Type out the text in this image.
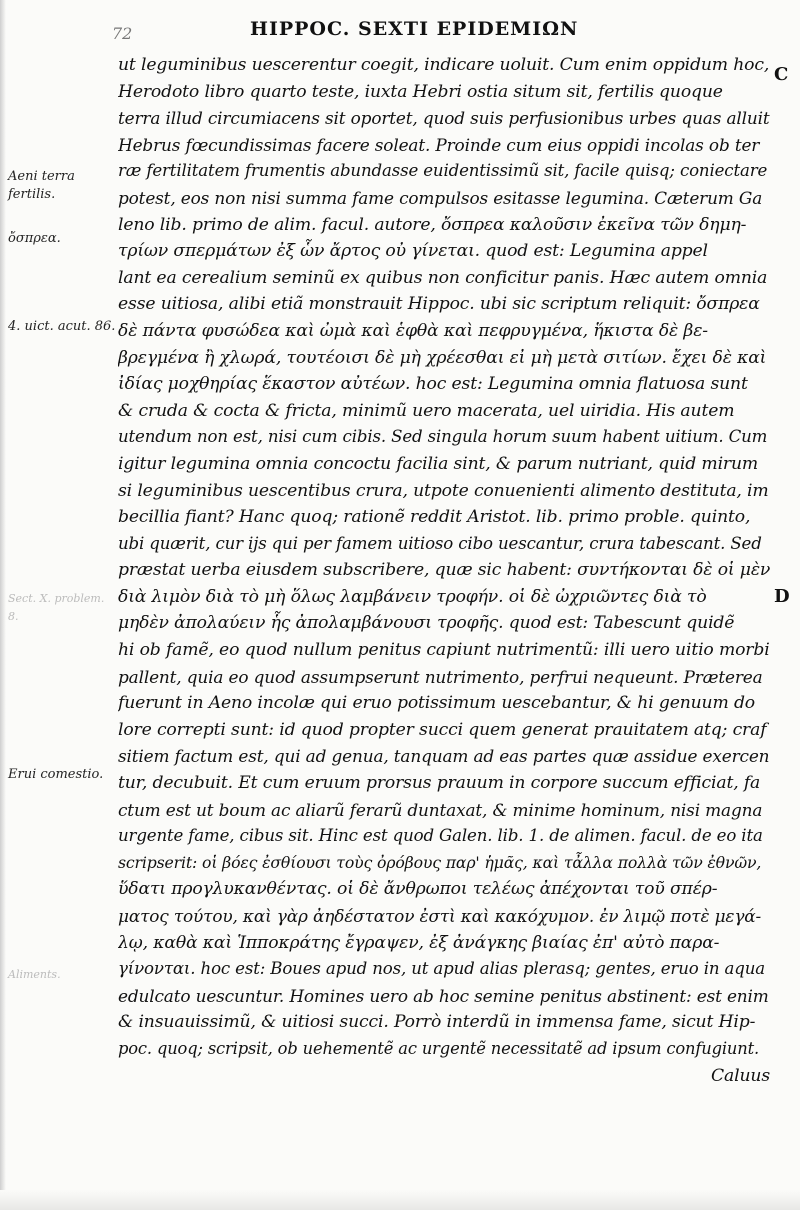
72	HIPPOC. SEXTI EPIDEMIΩN
ut leguminibus uescerentur coegit, indicare uoluit. Cum enim oppidum hoc,
Herodoto libro quarto teste, iuxta Hebri ostia situm sit, fertilis quoque
terra illud circumiacens sit oportet, quod suis perfusionibus urbes quas alluit
Hebrus fœcundissimas facere soleat. Proinde cum eius oppidi incolas ob ter
ræ fertilitatem frumentis abundasse euidentissimũ sit, facile quisq; coniectare
potest, eos non nisi summa fame compulsos esitasse legumina. Cæterum Ga
leno lib. primo de alim. facul. autore, ὄσπρεα καλοῦσιν ἐκεῖνα τῶν δημη-
τρίων σπερμάτων ἐξ ὧν ἄρτος οὐ γίνεται. quod est: Legumina appel
lant ea cerealium seminũ ex quibus non conficitur panis. Hæc autem omnia
esse uitiosa, alibi etiã monstrauit Hippoc. ubi sic scriptum reliquit: ὄσπρεα
δὲ πάντα φυσώδεα καὶ ὠμὰ καὶ ἑφθὰ καὶ πεφρυγμένα, ἥκιστα δὲ βε-
βρεγμένα ἢ χλωρά, τουτέοισι δὲ μὴ χρέεσθαι εἰ μὴ μετὰ σιτίων. ἔχει δὲ καὶ
ἰδίας μοχθηρίας ἕκαστον αὐτέων. hoc est: Legumina omnia flatuosa sunt
& cruda & cocta & fricta, minimũ uero macerata, uel uiridia. His autem
utendum non est, nisi cum cibis. Sed singula horum suum habent uitium. Cum
igitur legumina omnia concoctu facilia sint, & parum nutriant, quid mirum
si leguminibus uescentibus crura, utpote conuenienti alimento destituta, im
becillia fiant? Hanc quoq; rationẽ reddit Aristot. lib. primo proble. quinto,
ubi quærit, cur ijs qui per famem uitioso cibo uescantur, crura tabescant. Sed
præstat uerba eiusdem subscribere, quæ sic habent: συντήκονται δὲ οἱ μὲν
διὰ λιμὸν διὰ τὸ μὴ ὅλως λαμβάνειν τροφήν. οἱ δὲ ὠχριῶντες διὰ τὸ
μηδὲν ἀπολαύειν ἧς ἀπολαμβάνουσι τροφῆς. quod est: Tabescunt quidẽ
hi ob famẽ, eo quod nullum penitus capiunt nutrimentũ: illi uero uitio morbi
pallent, quia eo quod assumpserunt nutrimento, perfrui nequeunt. Præterea
fuerunt in Aeno incolæ qui eruo potissimum uescebantur, & hi genuum do
lore correpti sunt: id quod propter succi quem generat prauitatem atq; craf
sitiem factum est, qui ad genua, tanquam ad eas partes quæ assidue exercen
tur, decubuit. Et cum eruum prorsus prauum in corpore succum efficiat, fa
ctum est ut boum ac aliarũ ferarũ duntaxat, & minime hominum, nisi magna
urgente fame, cibus sit. Hinc est quod Galen. lib. 1. de alimen. facul. de eo ita
scripserit: οἱ βόες ἐσθίουσι τοὺς ὀρόβους παρ' ἡμᾶς, καὶ τἆλλα πολλὰ τῶν ἐθνῶν,
ὕδατι προγλυκανθέντας. οἱ δὲ ἄνθρωποι τελέως ἀπέχονται τοῦ σπέρ-
ματος τούτου, καὶ γὰρ ἀηδέστατον ἐστὶ καὶ κακόχυμον. ἐν λιμῷ ποτὲ μεγά-
λῳ, καθὰ καὶ Ἱπποκράτης ἔγραψεν, ἐξ ἀνάγκης βιαίας ἐπ' αὐτὸ παρα-
γίνονται. hoc est: Boues apud nos, ut apud alias plerasq; gentes, eruo in aqua
edulcato uescuntur. Homines uero ab hoc semine penitus abstinent: est enim
& insuauissimũ, & uitiosi succi. Porrò interdũ in immensa fame, sicut Hip-
poc. quoq; scripsit, ob uehementẽ ac urgentẽ necessitatẽ ad ipsum confugiunt.
Caluus
Aeni terra fertilis.
ὄσπρεα.
4. uict. acut. 86.
Sect. X. problem. 8.
Erui comestio.
Aliments.
C
D
